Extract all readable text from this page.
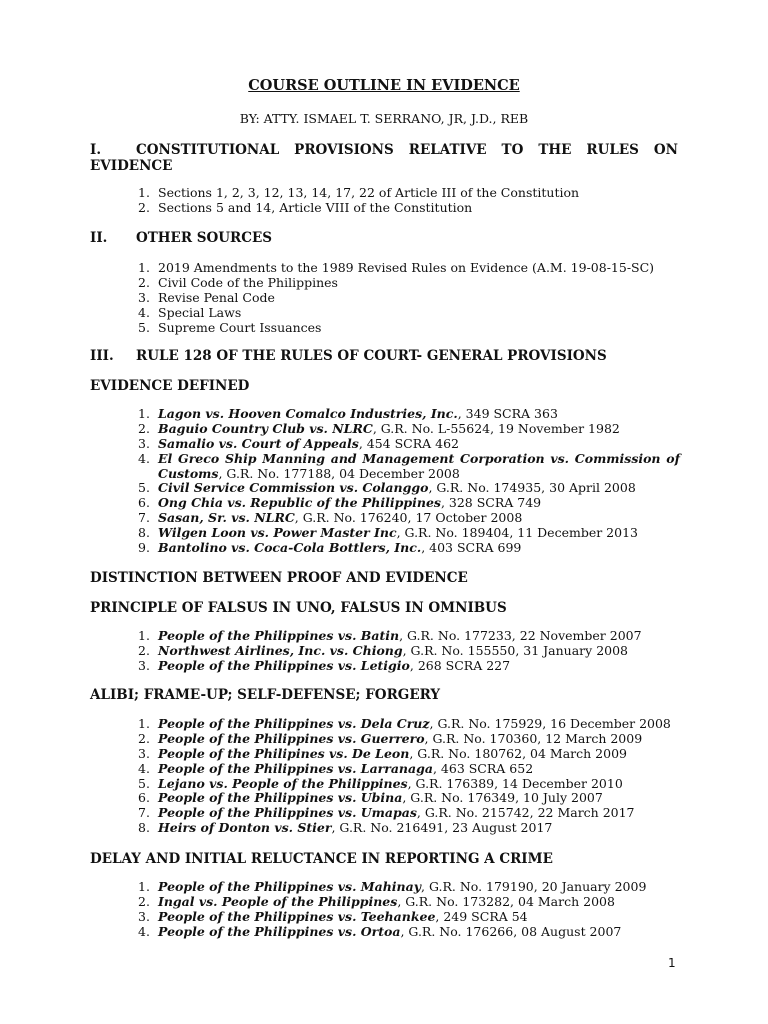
COURSE OUTLINE IN EVIDENCE
BY: ATTY. ISMAEL T. SERRANO, JR, J.D., REB
I.	CONSTITUTIONAL PROVISIONS RELATIVE TO THE RULES ON EVIDENCE
1. Sections 1, 2, 3, 12, 13, 14, 17, 22 of Article III of the Constitution
2. Sections 5 and 14, Article VIII of the Constitution
II. OTHER SOURCES
1. 2019 Amendments to the 1989 Revised Rules on Evidence (A.M. 19-08-15-SC)
2. Civil Code of the Philippines
3. Revise Penal Code
4. Special Laws
5. Supreme Court Issuances
III. RULE 128 OF THE RULES OF COURT- GENERAL PROVISIONS
EVIDENCE DEFINED
1. Lagon vs. Hooven Comalco Industries, Inc., 349 SCRA 363
2. Baguio Country Club vs. NLRC, G.R. No. L-55624, 19 November 1982
3. Samalio vs. Court of Appeals, 454 SCRA 462
4. El Greco Ship Manning and Management Corporation vs. Commission of Customs, G.R. No. 177188, 04 December 2008
5. Civil Service Commission vs. Colanggo, G.R. No. 174935, 30 April 2008
6. Ong Chia vs. Republic of the Philippines, 328 SCRA 749
7. Sasan, Sr. vs. NLRC, G.R. No. 176240, 17 October 2008
8. Wilgen Loon vs. Power Master Inc, G.R. No. 189404, 11 December 2013
9. Bantolino vs. Coca-Cola Bottlers, Inc., 403 SCRA 699
DISTINCTION BETWEEN PROOF AND EVIDENCE
PRINCIPLE OF FALSUS IN UNO, FALSUS IN OMNIBUS
1. People of the Philippines vs. Batin, G.R. No. 177233, 22 November 2007
2. Northwest Airlines, Inc. vs. Chiong, G.R. No. 155550, 31 January 2008
3. People of the Philippines vs. Letigio, 268 SCRA 227
ALIBI; FRAME-UP; SELF-DEFENSE; FORGERY
1. People of the Philippines vs. Dela Cruz, G.R. No. 175929, 16 December 2008
2. People of the Philippines vs. Guerrero, G.R. No. 170360, 12 March 2009
3. People of the Philipines vs. De Leon, G.R. No. 180762, 04 March 2009
4. People of the Philippines vs. Larranaga, 463 SCRA 652
5. Lejano vs. People of the Philippines, G.R. 176389, 14 December 2010
6. People of the Philippines vs. Ubina, G.R. No. 176349, 10 July 2007
7. People of the Philippines vs. Umapas, G.R. No. 215742, 22 March 2017
8. Heirs of Donton vs. Stier, G.R. No. 216491, 23 August 2017
DELAY AND INITIAL RELUCTANCE IN REPORTING A CRIME
1. People of the Philippines vs. Mahinay, G.R. No. 179190, 20 January 2009
2. Ingal vs. People of the Philippines, G.R. No. 173282, 04 March 2008
3. People of the Philippines vs. Teehankee, 249 SCRA 54
4. People of the Philippines vs. Ortoa, G.R. No. 176266, 08 August 2007
1
